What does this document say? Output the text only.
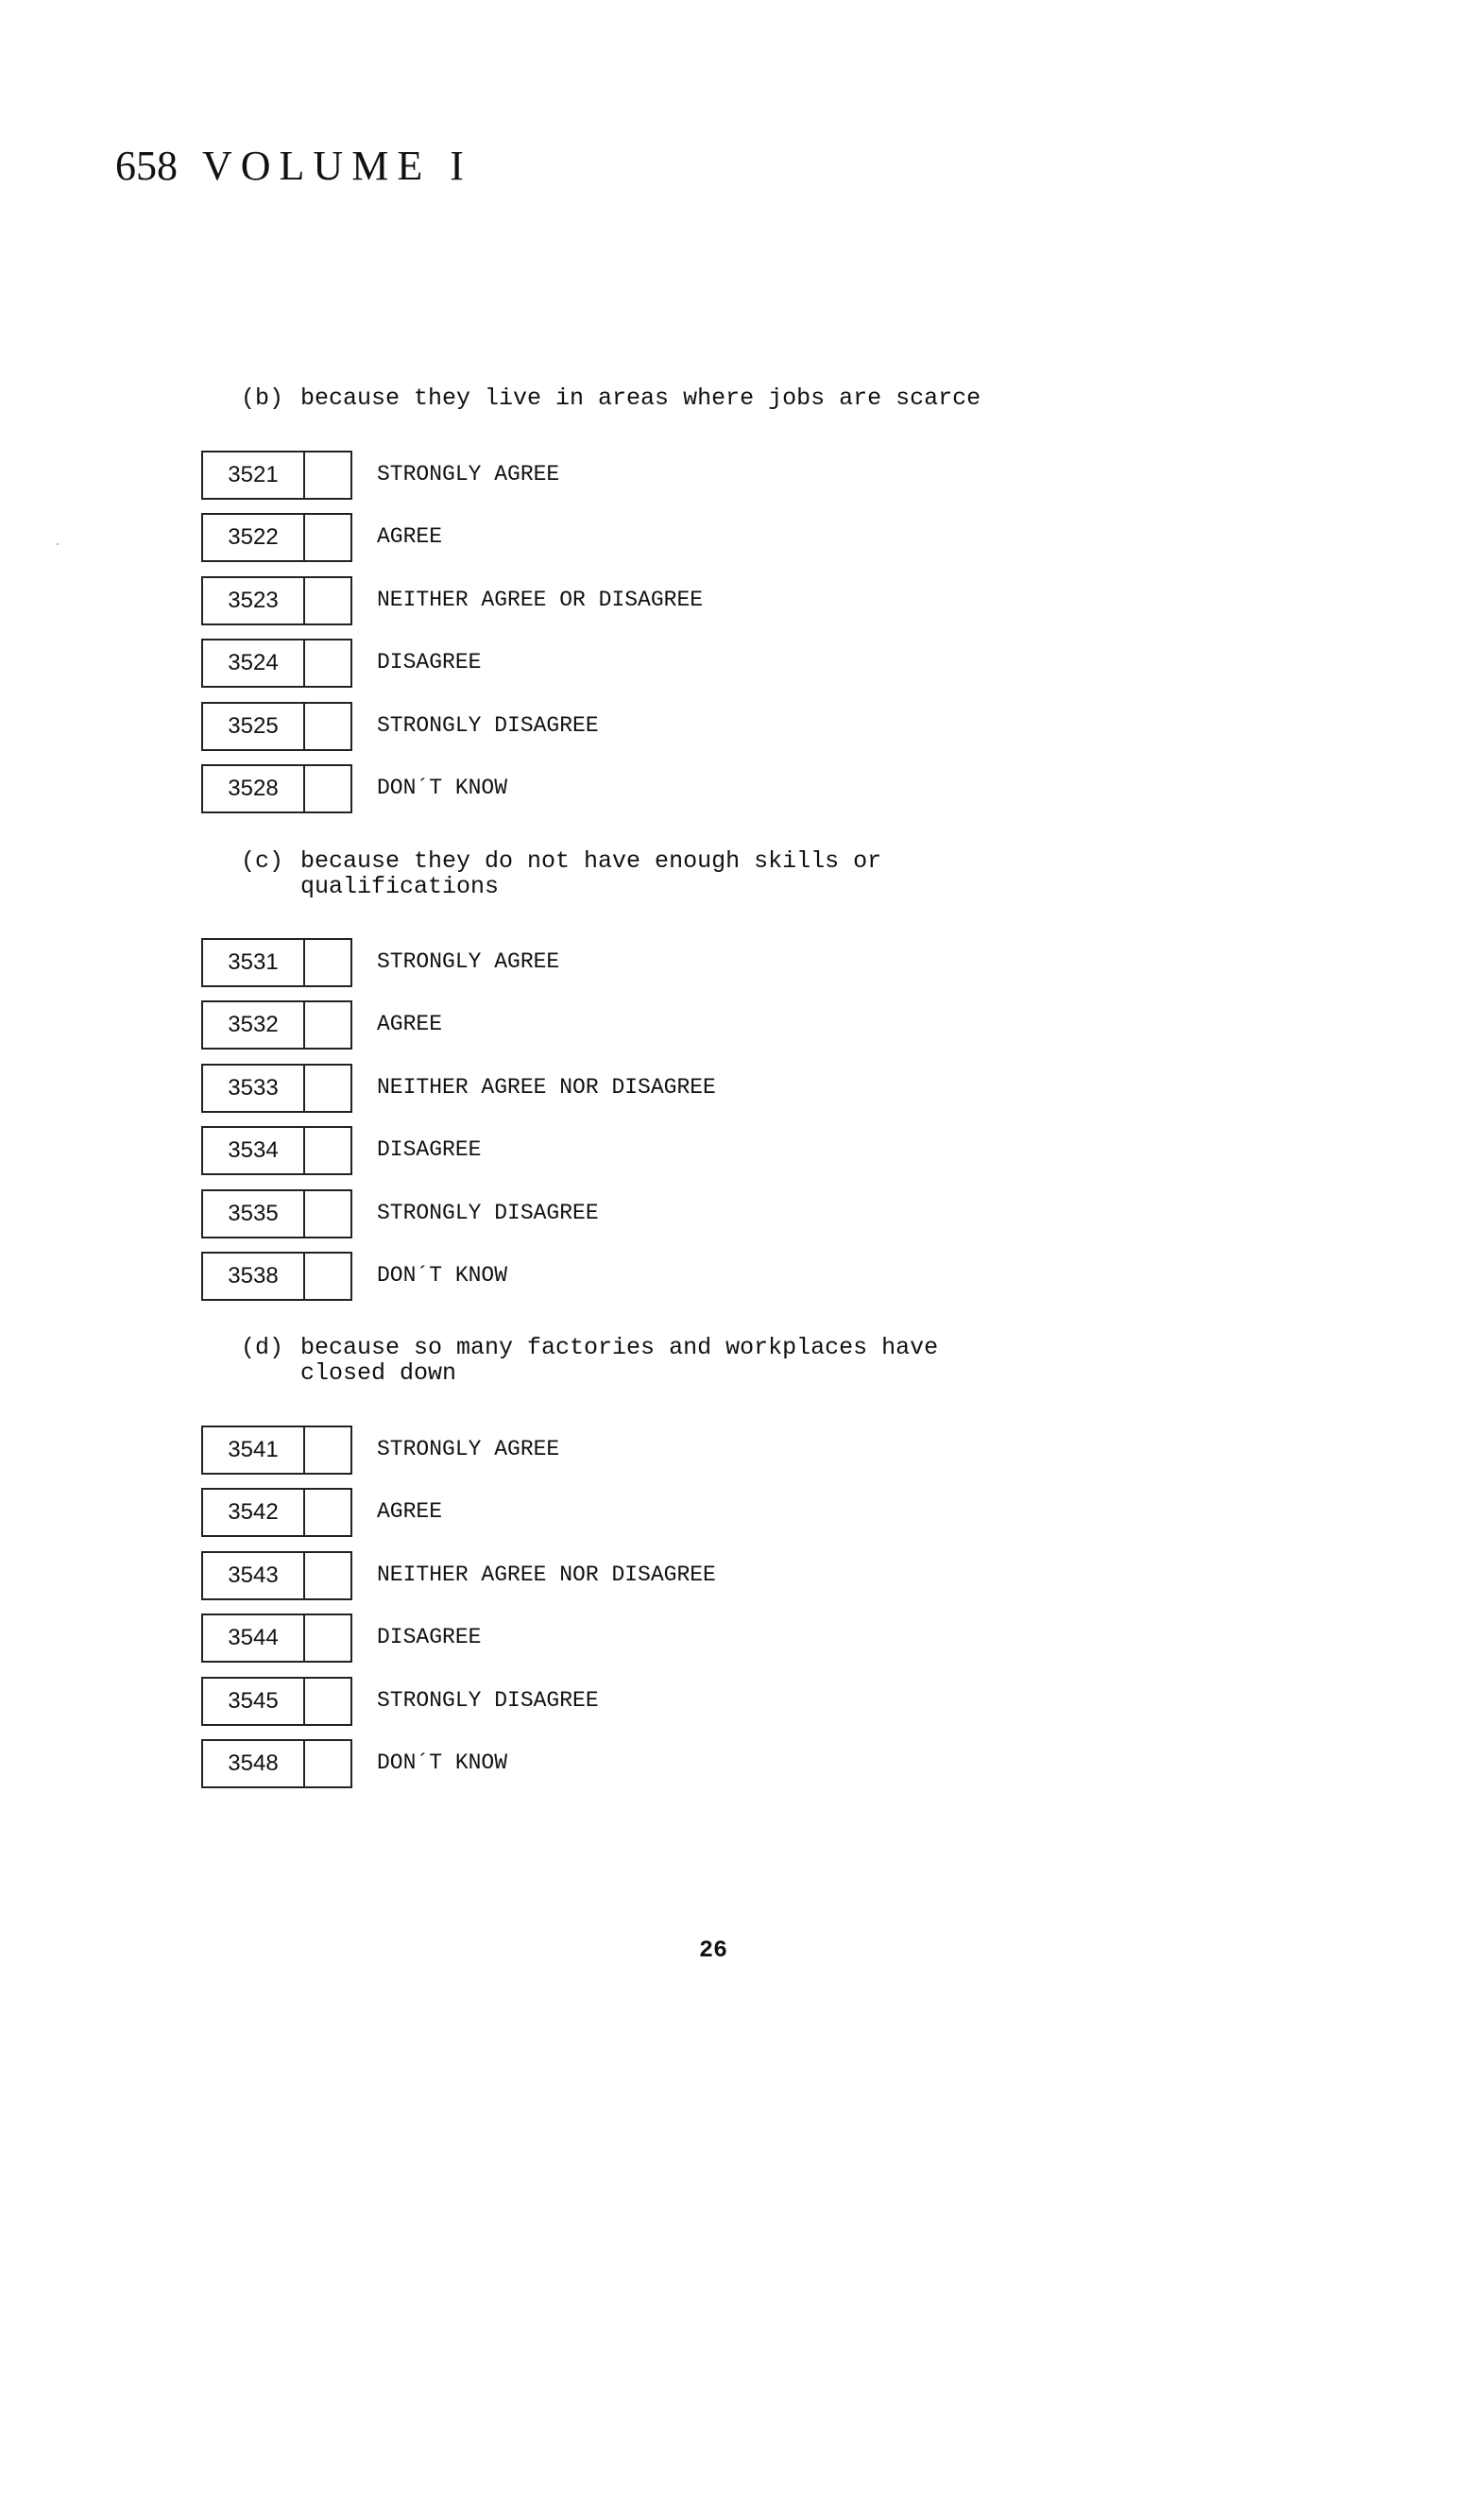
658 VOLUME I
(b) because they live in areas where jobs are scarce
3521	STRONGLY AGREE
3522	AGREE
3523	NEITHER AGREE OR DISAGREE
3524	DISAGREE
3525	STRONGLY DISAGREE
3528	DON´T KNOW
(c) because they do not have enough skills or
qualifications
3531	STRONGLY AGREE
3532	AGREE
3533	NEITHER AGREE NOR DISAGREE
3534	DISAGREE
3535	STRONGLY DISAGREE
3538	DON´T KNOW
(d) because so many factories and workplaces have
closed down
3541	STRONGLY AGREE
3542	AGREE
3543	NEITHER AGREE NOR DISAGREE
3544	DISAGREE
3545	STRONGLY DISAGREE
3548	DON´T KNOW
26
